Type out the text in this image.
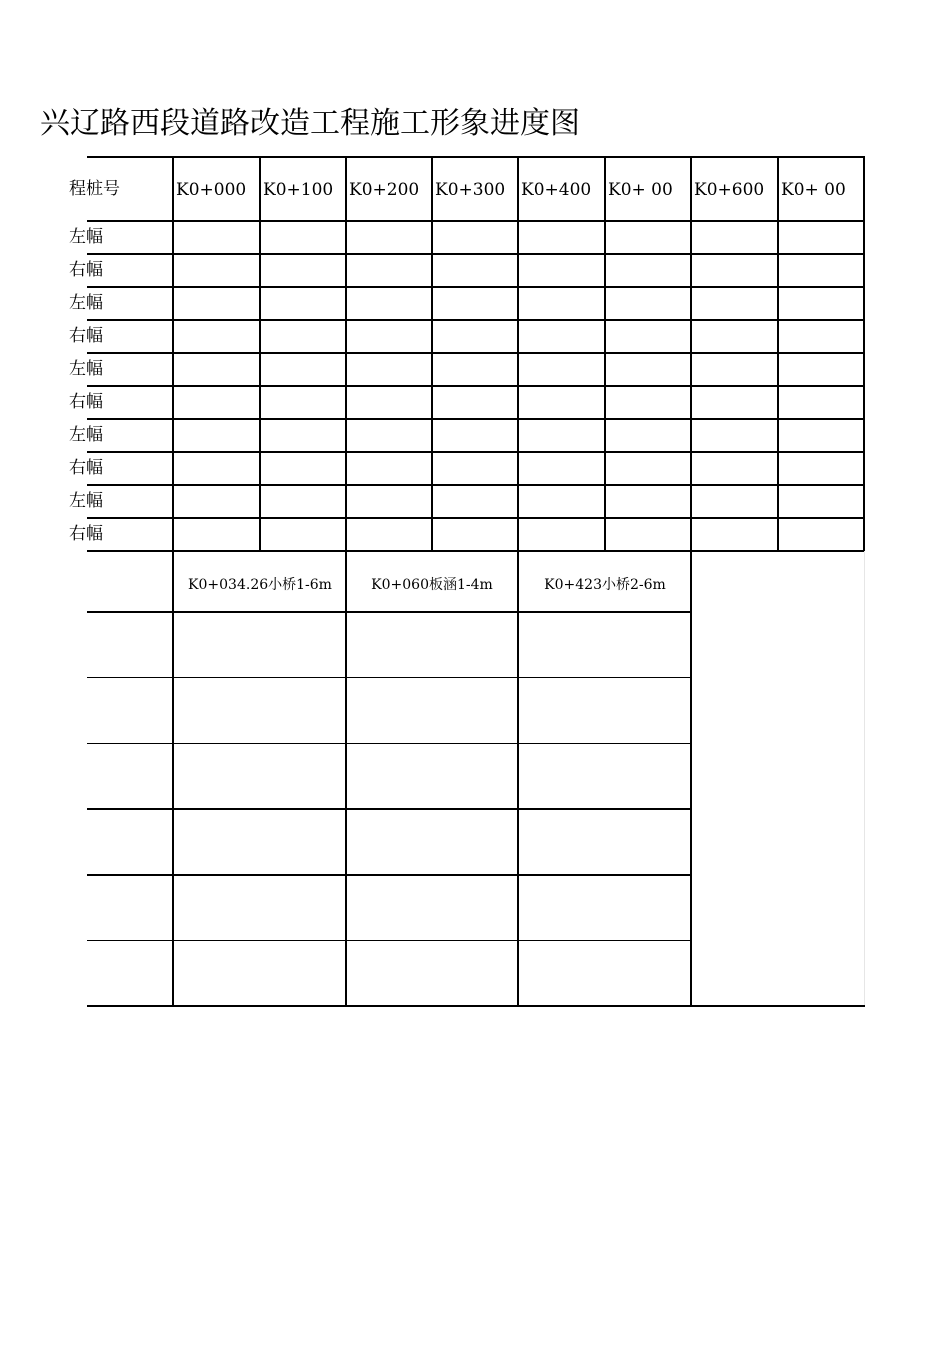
兴辽路西段道路改造工程施工形象进度图
程桩号	K0+000 K0+100 K0+200 K0+300 K0+400 K0+ 00 K0+600 K0+ 00
左幅
右幅
左幅
右幅
左幅
右幅
左幅
右幅
左幅
右幅
K0+034.26小桥1-6m	K0+060板涵1-4m	K0+423小桥2-6m
